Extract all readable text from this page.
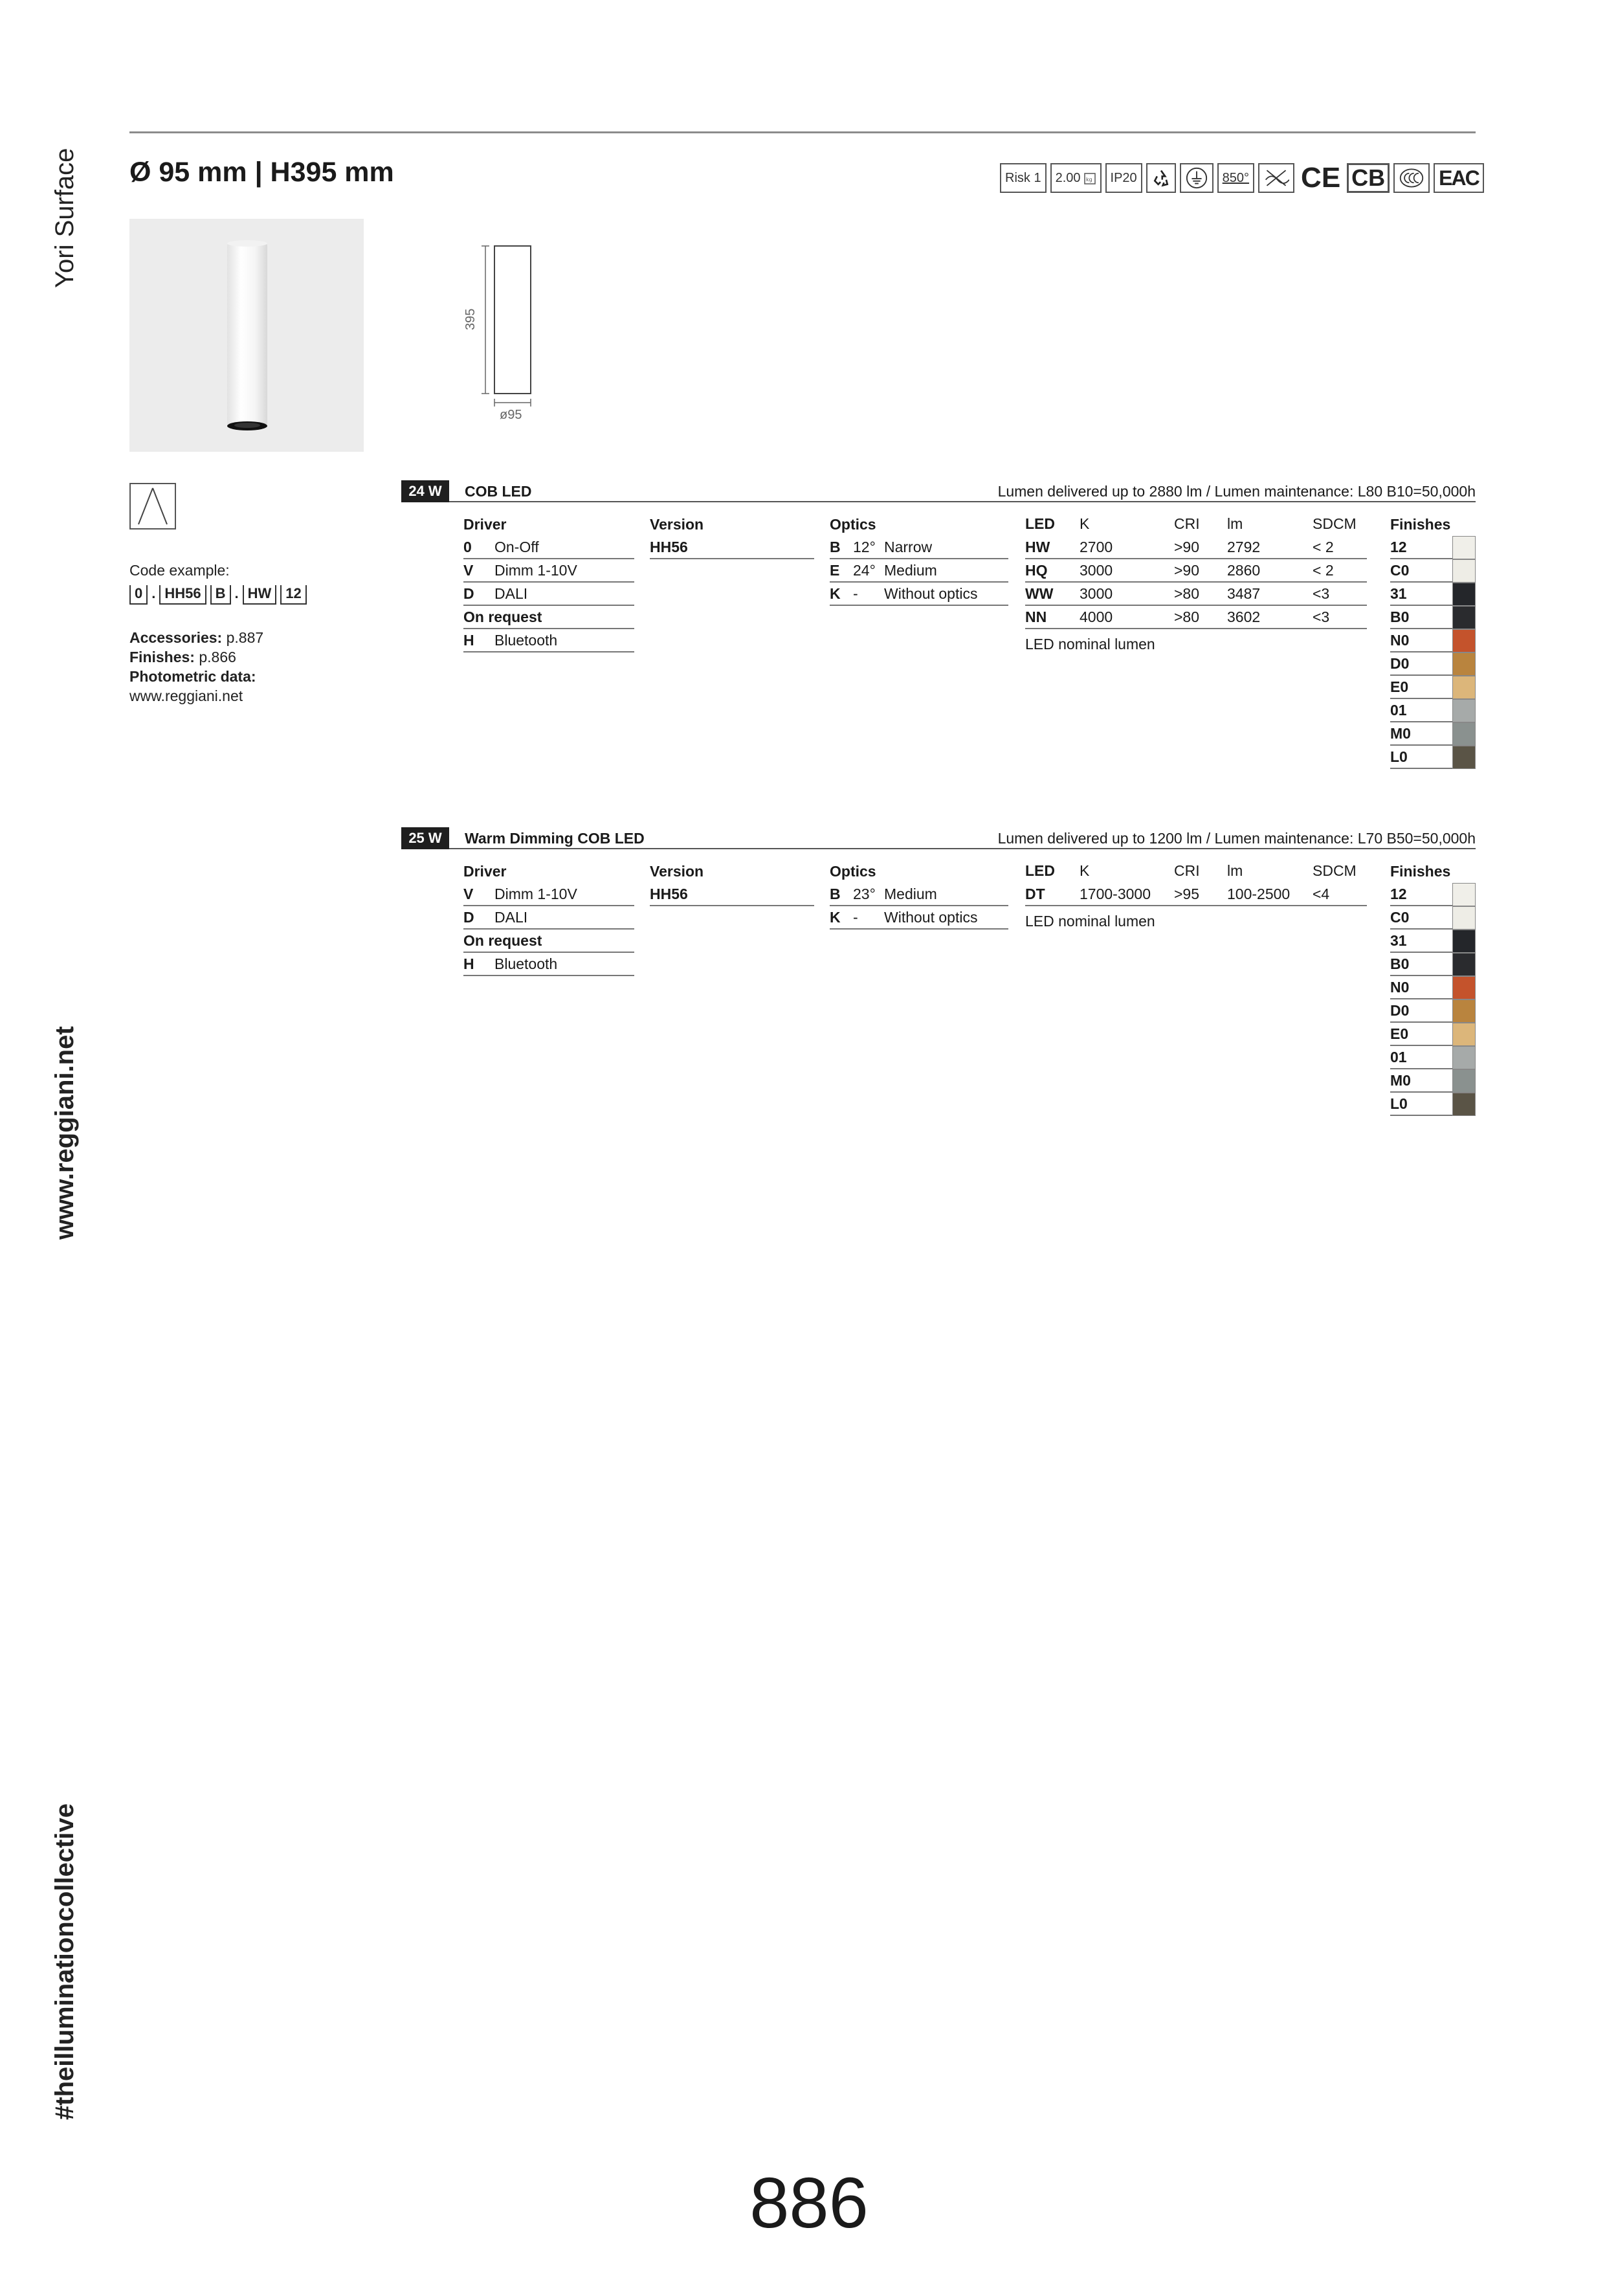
Yori Surface
www.reggiani.net
#theilluminationcollective
Ø 95 mm | H395 mm	Risk 1 2.00 kg IP20	850° CE CB	EAC
395
ø95
Code example:
0 . HH56	B . HW	12
Accessories: p.887
Finishes: p.866
Photometric data:
www.reggiani.net
24 W	COB LED	Lumen delivered up to 2880 lm / Lumen maintenance: L80 B10=50,000h
Driver
0	On-Off
V	Dimm 1-10V
D	DALI
On request
H	Bluetooth
Version
HH56
Optics
B 12° Narrow
E 24° Medium
K -	Without optics
LED	K	CRI	lm	SDCM
HW	2700	>90	2792	< 2
HQ	3000	>90	2860	< 2
WW	3000	>80	3487	<3
NN	4000	>80	3602	<3
LED nominal lumen
Finishes
12
C0
31
B0
N0
D0
E0
01
M0
L0
25 W	Warm Dimming COB LED	Lumen delivered up to 1200 lm / Lumen maintenance: L70 B50=50,000h
Driver
V	Dimm 1-10V
D	DALI
On request
H	Bluetooth
Version
HH56
Optics
B 23° Medium
K -	Without optics
LED	K	CRI	lm	SDCM
DT	1700-3000	>95	100-2500	<4
LED nominal lumen
Finishes
12
C0
31
B0
N0
D0
E0
01
M0
L0
886
